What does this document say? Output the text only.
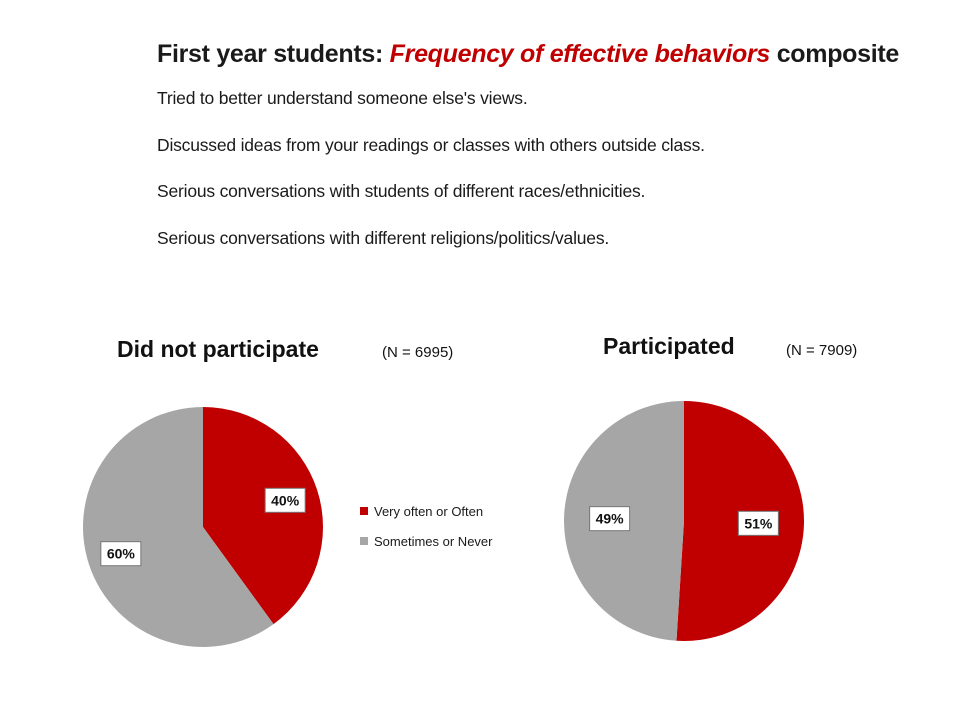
First year students: Frequency of effective behaviors composite
Tried to better understand someone else's views.
Discussed ideas from your readings or classes with others outside class.
Serious conversations with students of different races/ethnicities.
Serious conversations with different religions/politics/values.
Did not participate	(N = 6995)	Participated	(N = 7909)
40%
60%
51%
49%
Very often or Often
Sometimes or Never
